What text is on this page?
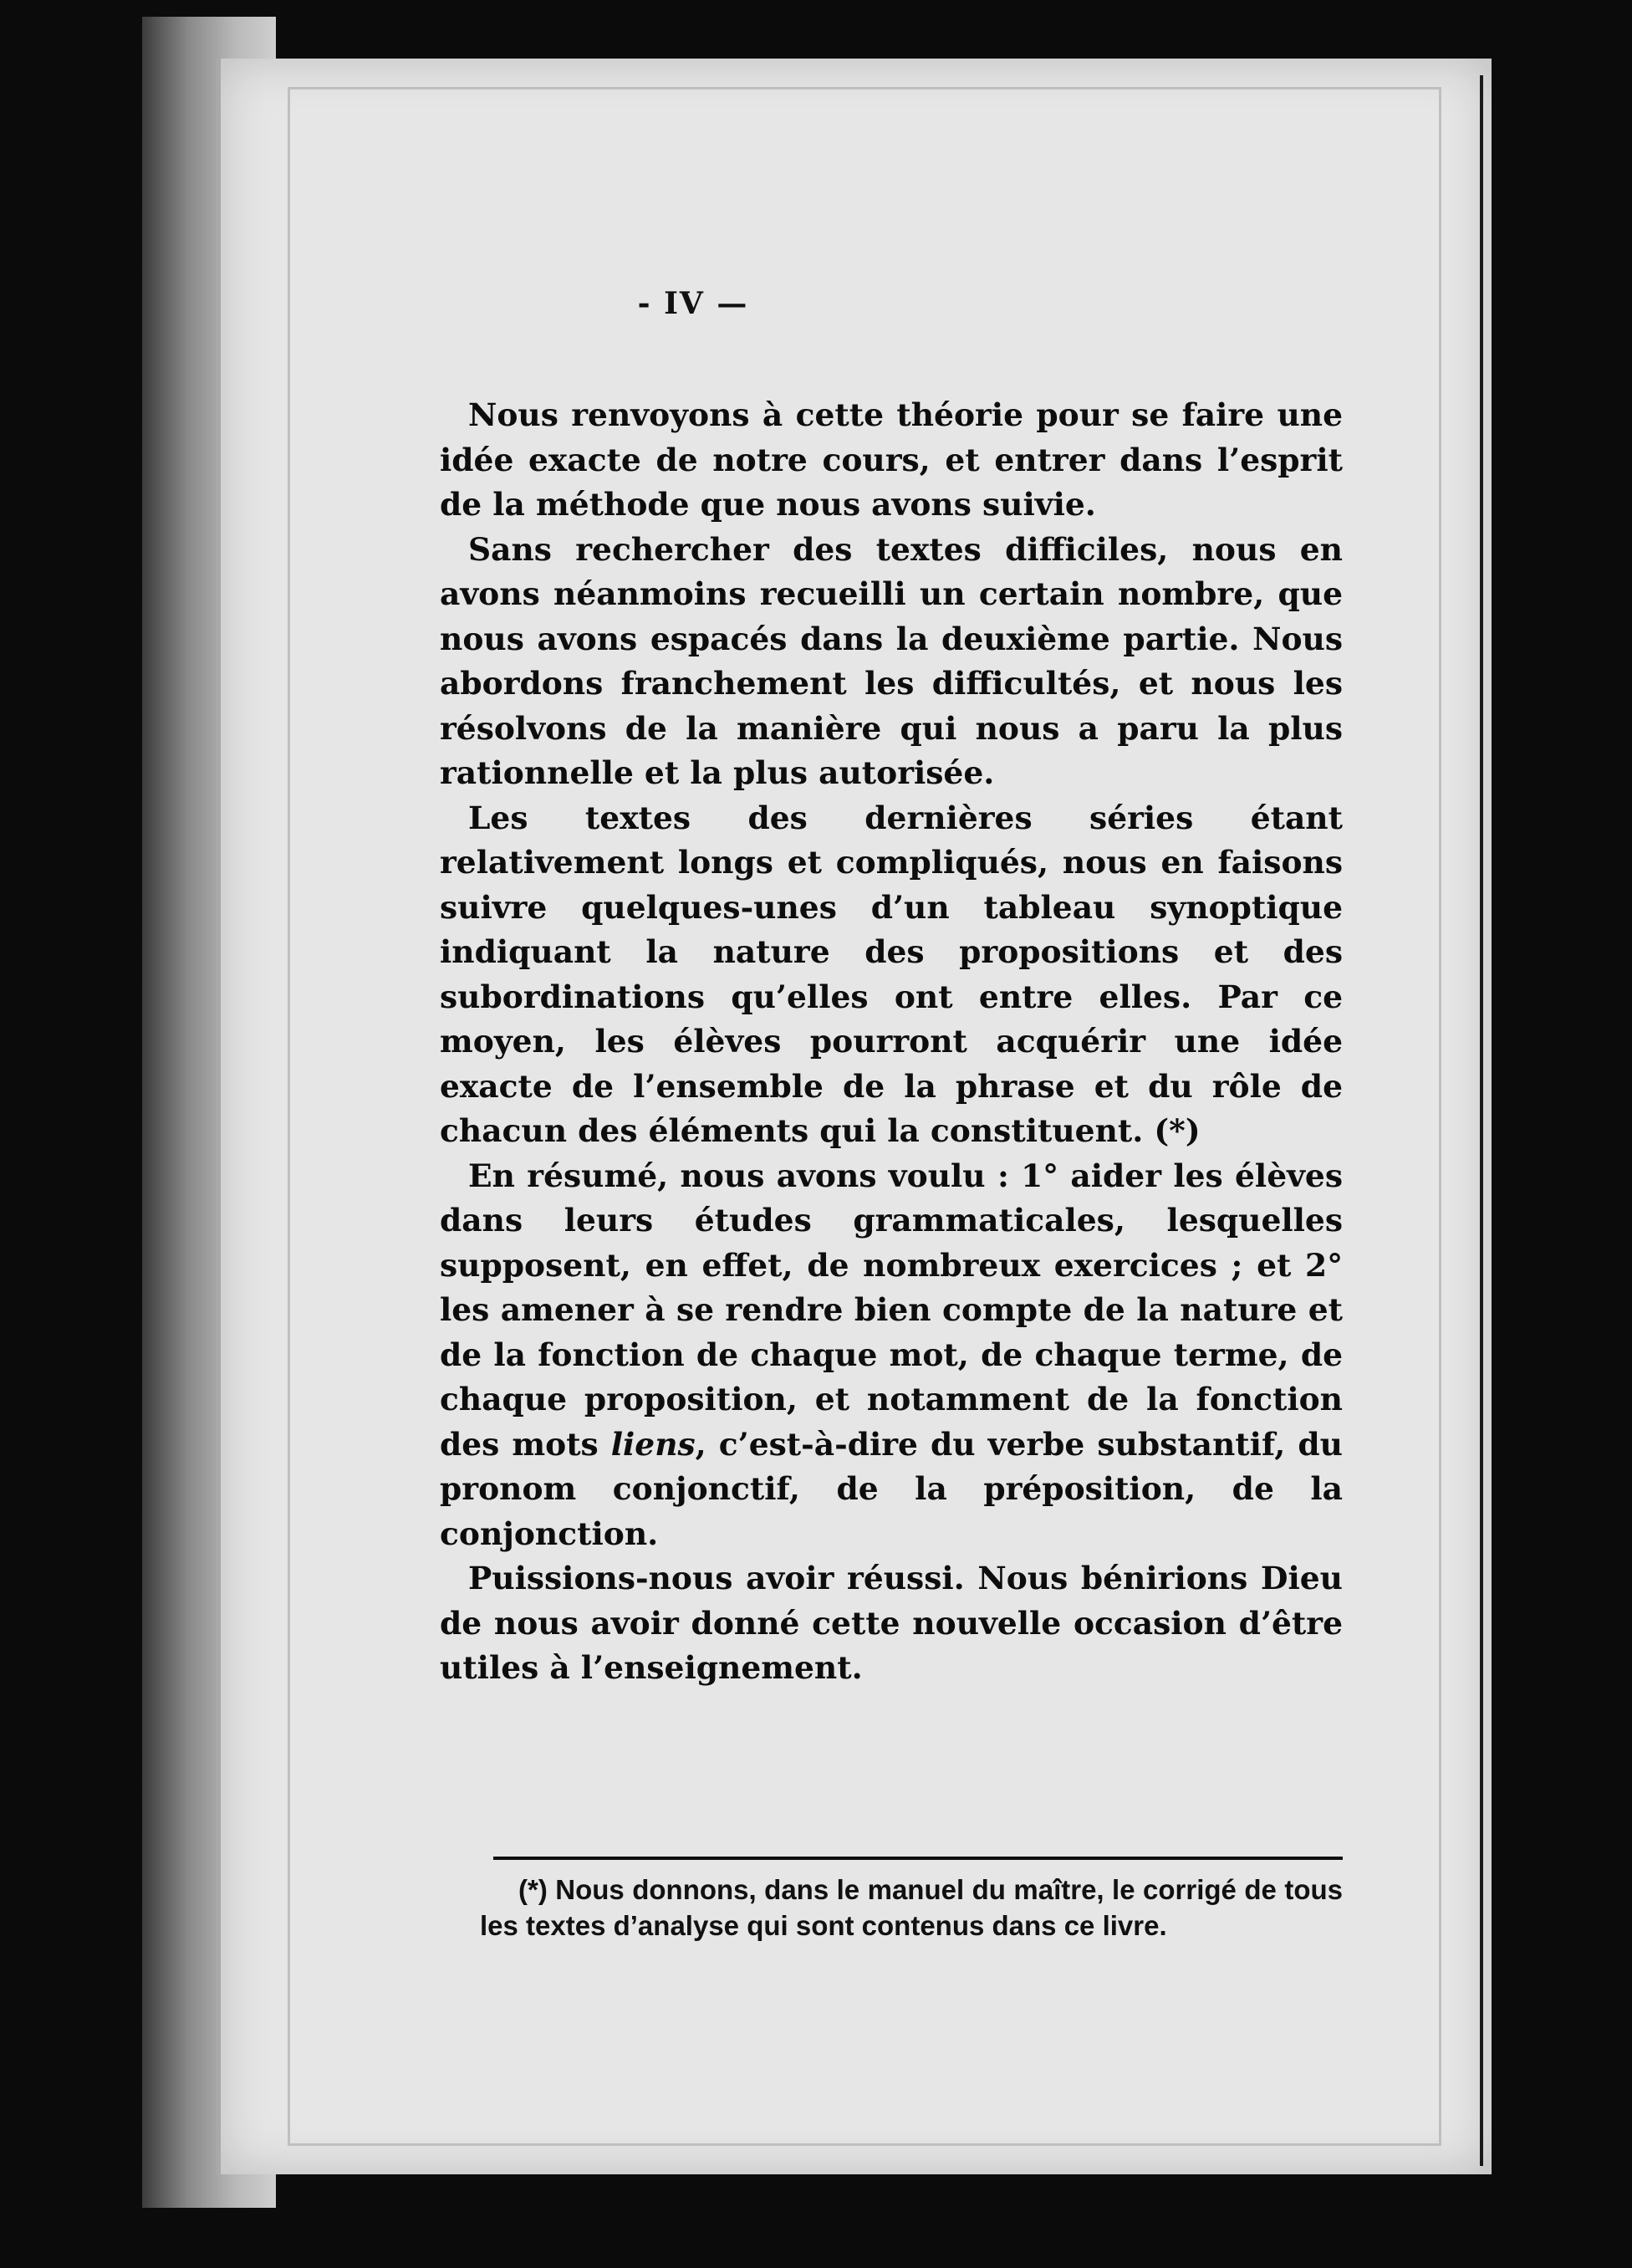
- IV —

Nous renvoyons à cette théorie pour se faire une idée exacte de notre cours, et entrer dans l’esprit de la méthode que nous avons suivie.

Sans rechercher des textes difficiles, nous en avons néanmoins recueilli un certain nombre, que nous avons espacés dans la deuxième partie. Nous abordons franchement les difficultés, et nous les résolvons de la manière qui nous a paru la plus rationnelle et la plus autorisée.

Les textes des dernières séries étant relativement longs et compliqués, nous en faisons suivre quelques-unes d’un tableau synoptique indiquant la nature des propositions et des subordinations qu’elles ont entre elles. Par ce moyen, les élèves pourront acquérir une idée exacte de l’ensemble de la phrase et du rôle de chacun des éléments qui la constituent. (*)

En résumé, nous avons voulu : 1° aider les élèves dans leurs études grammaticales, lesquelles supposent, en effet, de nombreux exercices ; et 2° les amener à se rendre bien compte de la nature et de la fonction de chaque mot, de chaque terme, de chaque proposition, et notamment de la fonction des mots liens, c’est-à-dire du verbe substantif, du pronom conjonctif, de la préposition, de la conjonction.

Puissions-nous avoir réussi. Nous bénirions Dieu de nous avoir donné cette nouvelle occasion d’être utiles à l’enseignement.

(*) Nous donnons, dans le manuel du maître, le corrigé de tous les textes d’analyse qui sont contenus dans ce livre.
